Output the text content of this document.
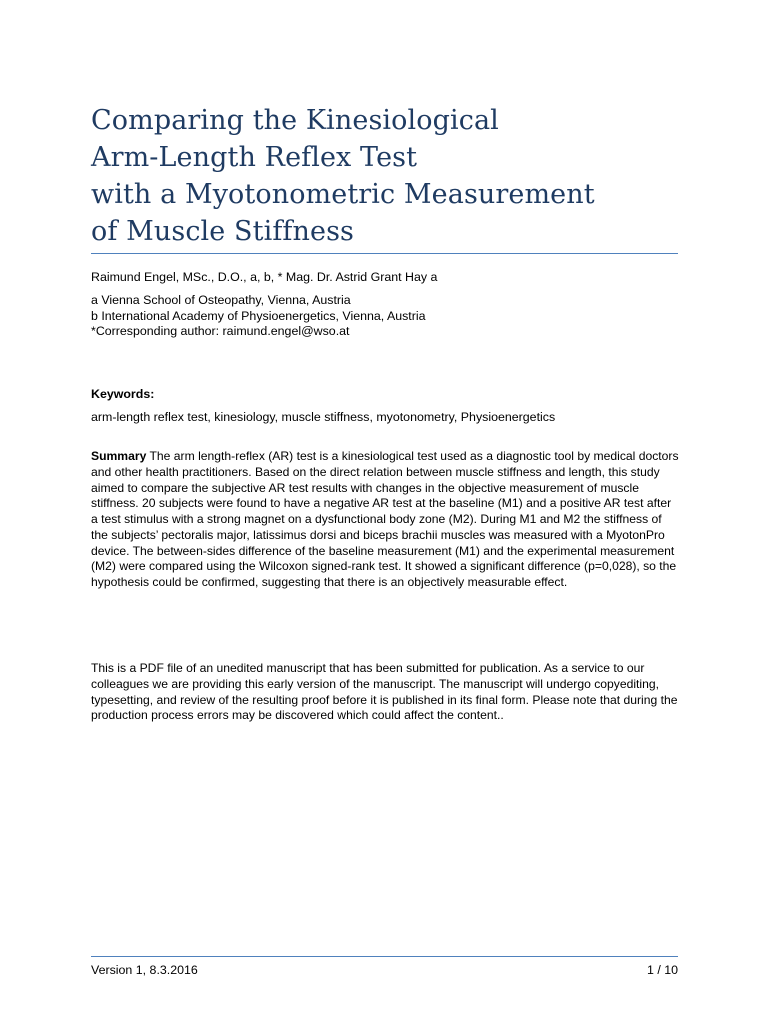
Comparing the Kinesiological
Arm-Length Reflex Test
with a Myotonometric Measurement
of Muscle Stiffness
Raimund Engel, MSc., D.O., a, b, * Mag. Dr. Astrid Grant Hay a
a Vienna School of Osteopathy, Vienna, Austria
b International Academy of Physioenergetics, Vienna, Austria
*Corresponding author: raimund.engel@wso.at
Keywords:
arm-length reflex test, kinesiology, muscle stiffness, myotonometry, Physioenergetics

Summary The arm length-reflex (AR) test is a kinesiological test used as a diagnostic tool by medical doctors and other health practitioners. Based on the direct relation between muscle stiffness and length, this study aimed to compare the subjective AR test results with changes in the objective measurement of muscle stiffness. 20 subjects were found to have a negative AR test at the baseline (M1) and a positive AR test after a test stimulus with a strong magnet on a dysfunctional body zone (M2). During M1 and M2 the stiffness of the subjects’ pectoralis major, latissimus dorsi and biceps brachii muscles was measured with a MyotonPro device. The between-sides difference of the baseline measurement (M1) and the experimental measurement (M2) were compared using the Wilcoxon signed-rank test. It showed a significant difference (p=0,028), so the hypothesis could be confirmed, suggesting that there is an objectively measurable effect.

This is a PDF file of an unedited manuscript that has been submitted for publication. As a service to our colleagues we are providing this early version of the manuscript. The manuscript will undergo copyediting, typesetting, and review of the resulting proof before it is published in its final form. Please note that during the production process errors may be discovered which could affect the content..

Version 1, 8.3.2016	1 / 10
